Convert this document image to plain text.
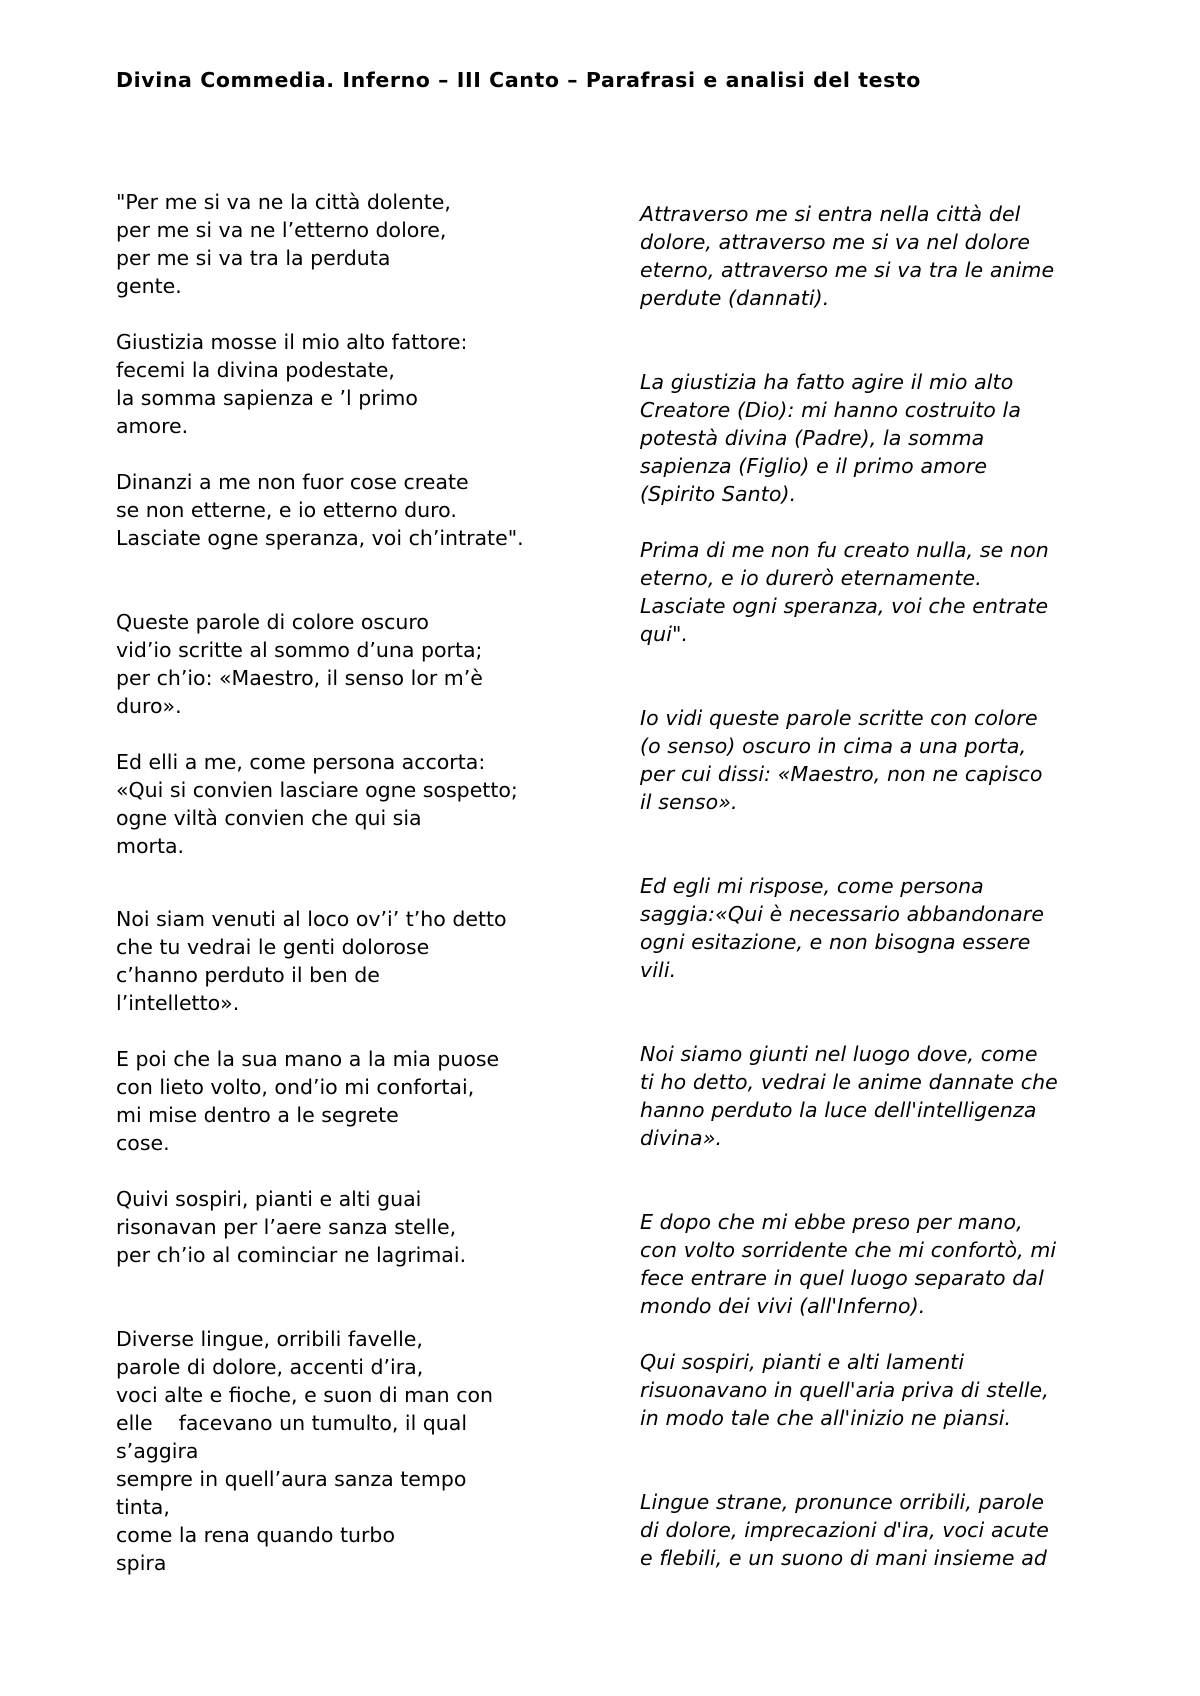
Divina Commedia. Inferno – III Canto – Parafrasi e analisi del testo

"Per me si va ne la città dolente,
per me si va ne l’etterno dolore,
per me si va tra la perduta
gente.

Giustizia mosse il mio alto fattore:
fecemi la divina podestate,
la somma sapienza e ’l primo
amore.

Dinanzi a me non fuor cose create
se non etterne, e io etterno duro.
Lasciate ogne speranza, voi ch’intrate".

Queste parole di colore oscuro
vid’io scritte al sommo d’una porta;
per ch’io: «Maestro, il senso lor m’è
duro».

Ed elli a me, come persona accorta:
«Qui si convien lasciare ogne sospetto;
ogne viltà convien che qui sia
morta.

Noi siam venuti al loco ov’i’ t’ho detto
che tu vedrai le genti dolorose
c’hanno perduto il ben de
l’intelletto».

E poi che la sua mano a la mia puose
con lieto volto, ond’io mi confortai,
mi mise dentro a le segrete
cose.

Quivi sospiri, pianti e alti guai
risonavan per l’aere sanza stelle,
per ch’io al cominciar ne lagrimai.

Diverse lingue, orribili favelle,
parole di dolore, accenti d’ira,
voci alte e fioche, e suon di man con
elle    facevano un tumulto, il qual
s’aggira
sempre in quell’aura sanza tempo
tinta,
come la rena quando turbo
spira

Attraverso me si entra nella città del
dolore, attraverso me si va nel dolore
eterno, attraverso me si va tra le anime
perdute (dannati).

La giustizia ha fatto agire il mio alto
Creatore (Dio): mi hanno costruito la
potestà divina (Padre), la somma
sapienza (Figlio) e il primo amore
(Spirito Santo).

Prima di me non fu creato nulla, se non
eterno, e io durerò eternamente.
Lasciate ogni speranza, voi che entrate
qui".

Io vidi queste parole scritte con colore
(o senso) oscuro in cima a una porta,
per cui dissi: «Maestro, non ne capisco
il senso».

Ed egli mi rispose, come persona
saggia:«Qui è necessario abbandonare
ogni esitazione, e non bisogna essere
vili.

Noi siamo giunti nel luogo dove, come
ti ho detto, vedrai le anime dannate che
hanno perduto la luce dell'intelligenza
divina».

E dopo che mi ebbe preso per mano,
con volto sorridente che mi confortò, mi
fece entrare in quel luogo separato dal
mondo dei vivi (all'Inferno).

Qui sospiri, pianti e alti lamenti
risuonavano in quell'aria priva di stelle,
in modo tale che all'inizio ne piansi.

Lingue strane, pronunce orribili, parole
di dolore, imprecazioni d'ira, voci acute
e flebili, e un suono di mani insieme ad
